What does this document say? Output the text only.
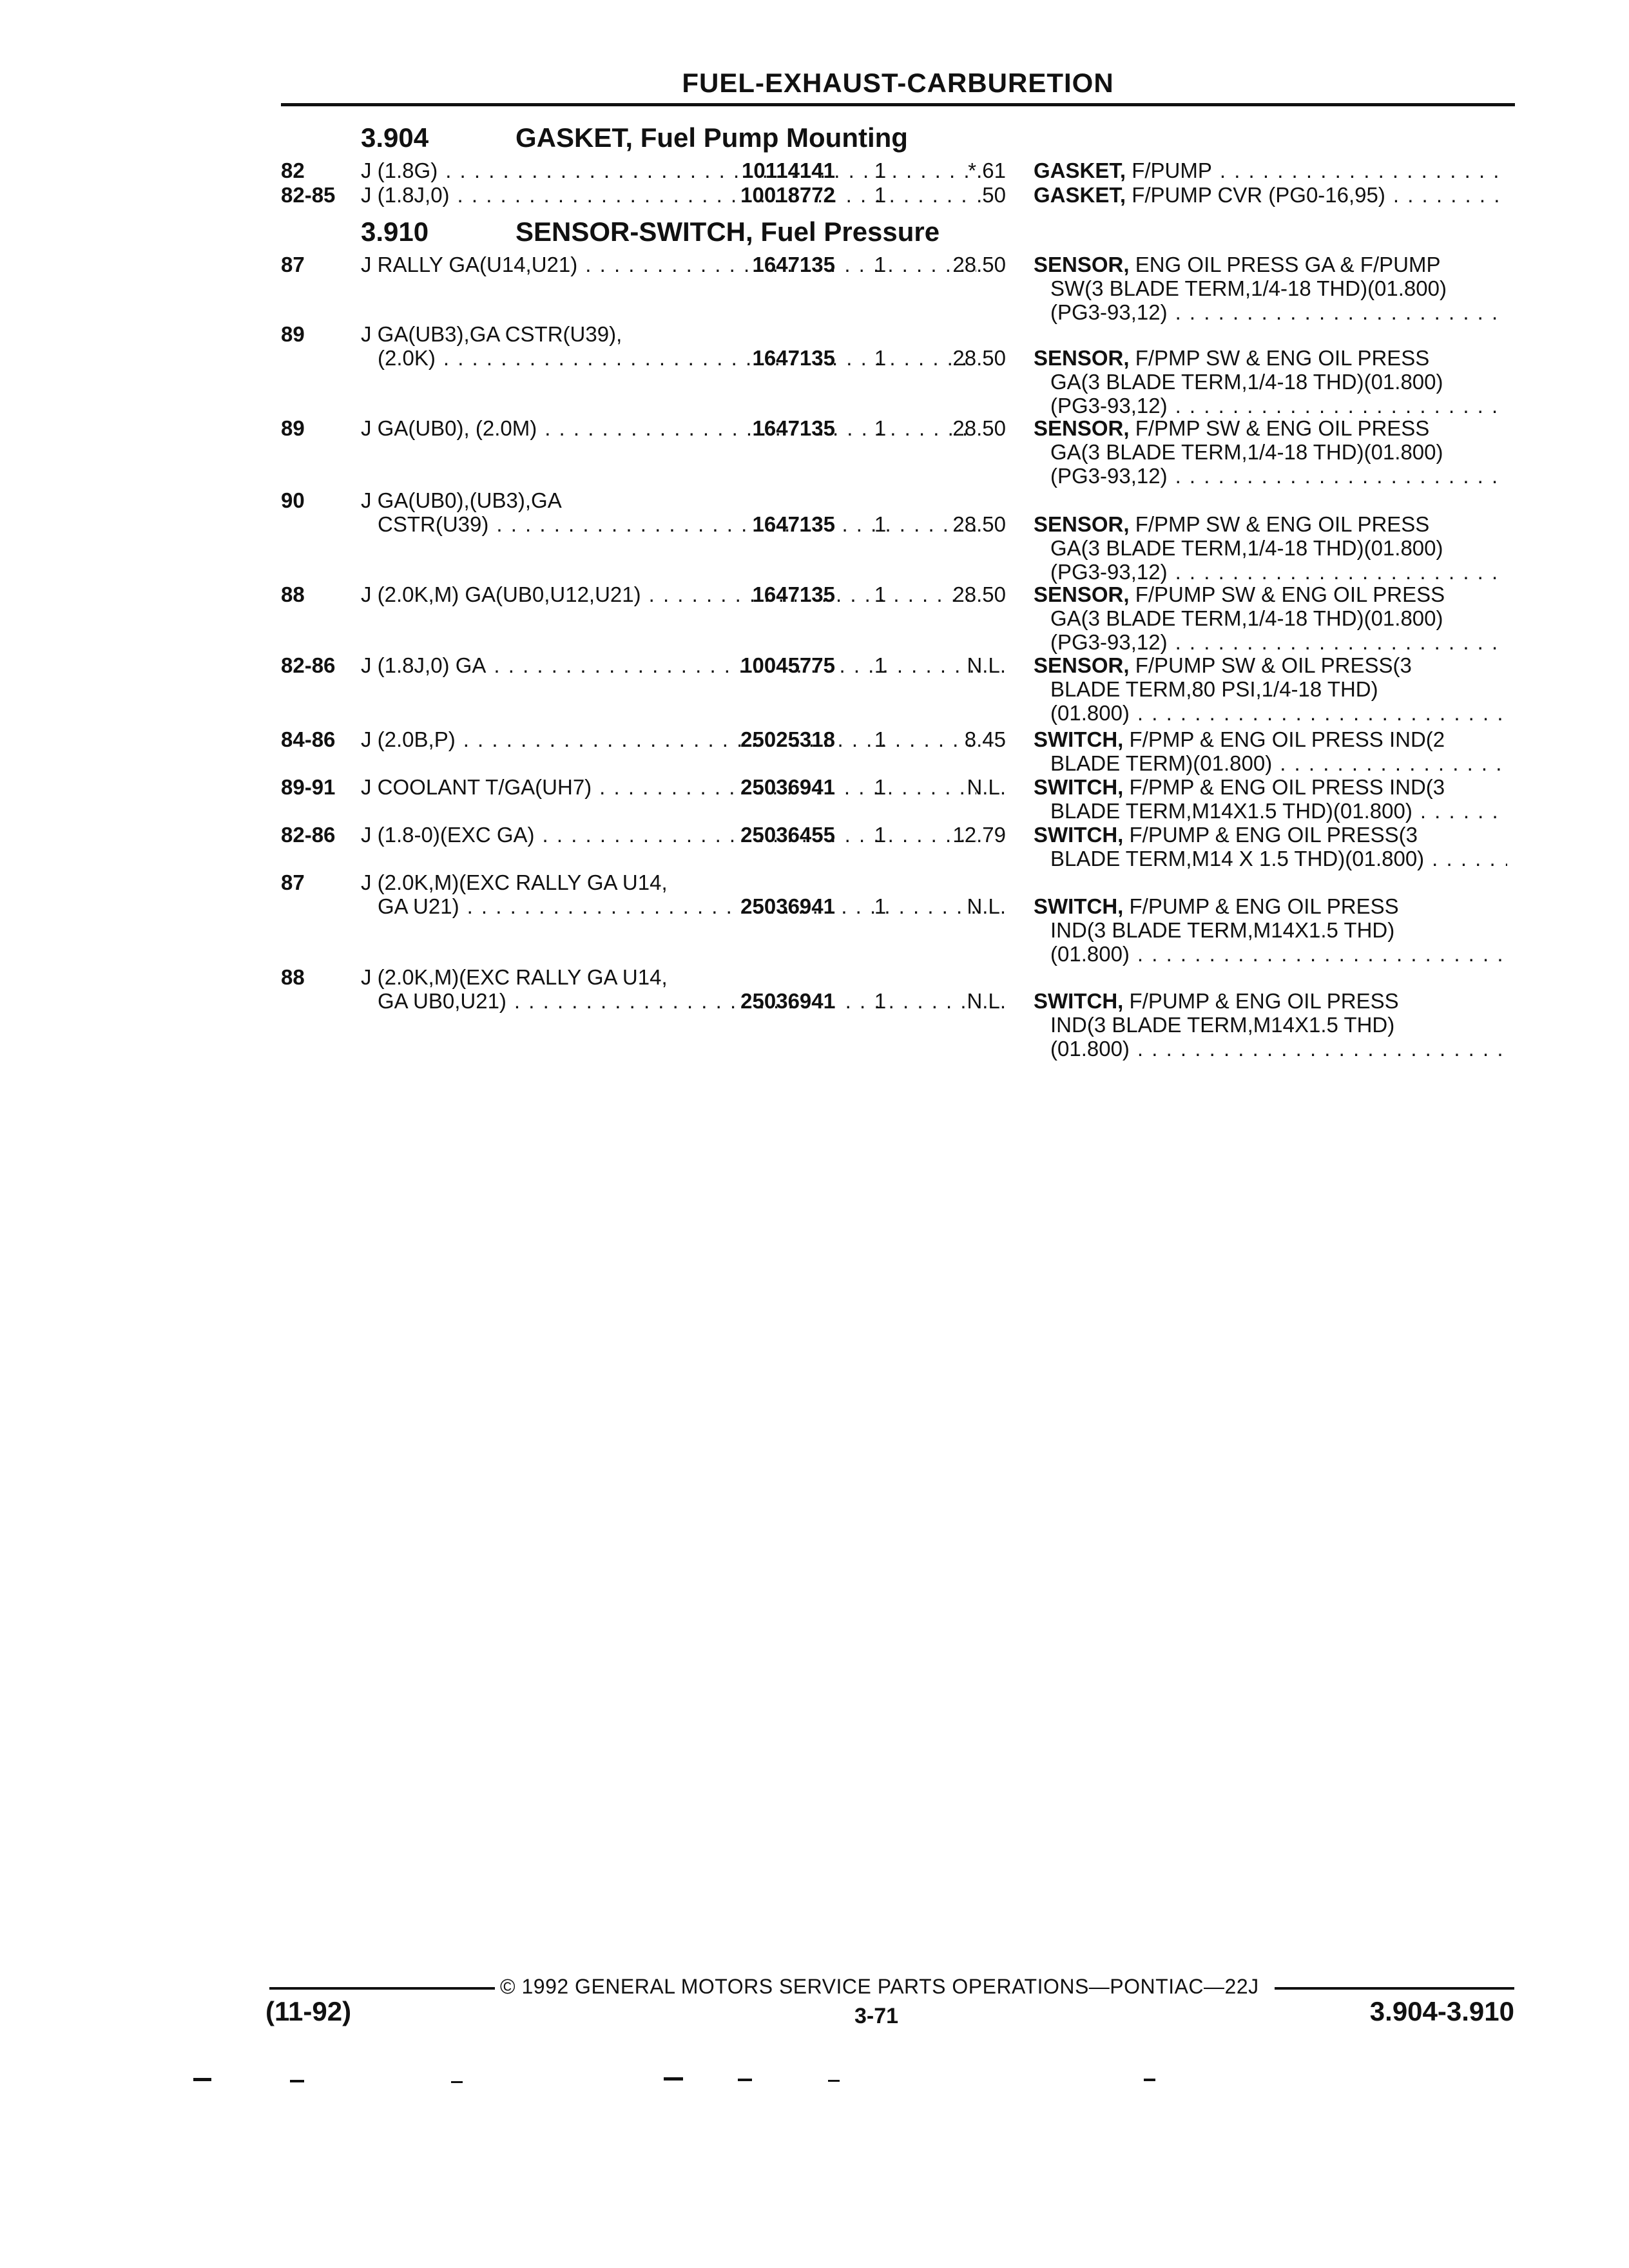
FUEL-EXHAUST-CARBURETION
3.904	GASKET, Fuel Pump Mounting
82	J (1.8G) . . .	10114141	1	*.61 GASKET,
F/PUMP
. . .
82-85	J (1.8J,0) . . .	10018772	1	.50 GASKET,
F/PUMP CVR (PG0-16,95)
. . .
3.910	SENSOR-SWITCH, Fuel Pressure
87	J RALLY GA(U14,U21) . . .	1647135	1	28.50 SENSOR,
ENG OIL PRESS GA & F/PUMP
SW(3 BLADE TERM,1/4-18 THD)(01.800)
(PG3-93,12)
. . .
89	J GA(UB3),GA CSTR(U39),
(2.0K) . . .	1647135	1	28.50 SENSOR,
F/PMP SW & ENG OIL PRESS
GA(3 BLADE TERM,1/4-18 THD)(01.800)
(PG3-93,12)
. . .
89	J GA(UB0), (2.0M) . . .	1647135	1	28.50 SENSOR,
F/PMP SW & ENG OIL PRESS
GA(3 BLADE TERM,1/4-18 THD)(01.800)
(PG3-93,12)
. . .
90	J GA(UB0),(UB3),GA
CSTR(U39) . . .	1647135	1	28.50 SENSOR,
F/PMP SW & ENG OIL PRESS
GA(3 BLADE TERM,1/4-18 THD)(01.800)
(PG3-93,12)
. . .
88	J (2.0K,M) GA(UB0,U12,U21) . . .	1647135	1	28.50 SENSOR,
F/PUMP SW & ENG OIL PRESS
GA(3 BLADE TERM,1/4-18 THD)(01.800)
(PG3-93,12)
. . .
82-86	J (1.8J,0) GA . . .	10045775	1	N.L. SENSOR,
F/PUMP SW & OIL PRESS(3
BLADE TERM,80 PSI,1/4-18 THD)
(01.800)
. . .
84-86	J (2.0B,P) . . .	25025318	1	8.45 SWITCH,
F/PMP & ENG OIL PRESS IND(2
BLADE TERM)(01.800)
. . .
89-91	J COOLANT T/GA(UH7) . . .	25036941	1	N.L. SWITCH,
F/PMP & ENG OIL PRESS IND(3
BLADE TERM,M14X1.5 THD)(01.800)
. . .
82-86	J (1.8-0)(EXC GA) . . .	25036455	1	12.79 SWITCH,
F/PUMP & ENG OIL PRESS(3
BLADE TERM,M14 X 1.5 THD)(01.800)
. . .
87	J (2.0K,M)(EXC RALLY GA U14,
GA U21) . . .	25036941	1	N.L. SWITCH,
F/PUMP & ENG OIL PRESS
IND(3 BLADE TERM,M14X1.5 THD)
(01.800)
. . .
88	J (2.0K,M)(EXC RALLY GA U14,
GA UB0,U21) . . .	25036941	1	N.L. SWITCH,
F/PUMP & ENG OIL PRESS
IND(3 BLADE TERM,M14X1.5 THD)
(01.800)
. . .
© 1992 GENERAL MOTORS SERVICE PARTS OPERATIONS—PONTIAC—22J
(11-92)	3-71	3.904-3.910
